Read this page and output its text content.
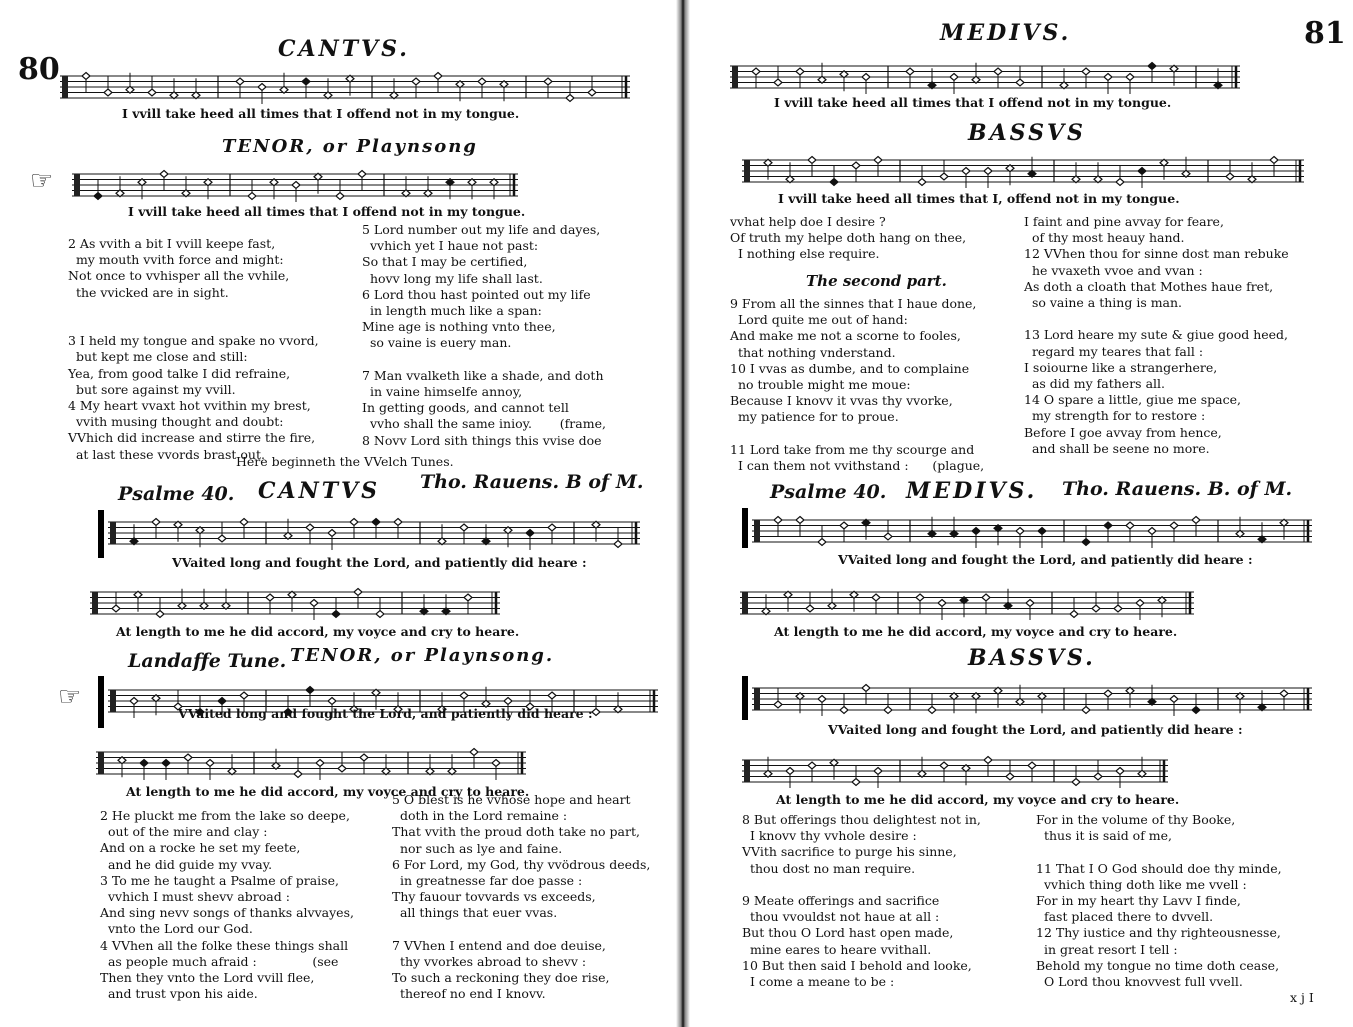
80
CANTVS.
I vvill take heed all times that I offend not in my tongue.
TENOR, or Playnsong
☞
I vvill take heed all times that I offend not in my tongue.
2 As vvith a bit I vvill keepe fast,
my mouth vvith force and might:
Not once to vvhisper all the vvhile,
the vvicked are in sight.

3 I held my tongue and spake no vvord,
but kept me close and still:
Yea, from good talke I did refraine,
but sore against my vvill.
4 My heart vvaxt hot vvithin my brest,
vvith musing thought and doubt:
VVhich did increase and stirre the fire,
at last these vvords brast out.
5 Lord number out my life and dayes,
vvhich yet I haue not past:
So that I may be certified,
hovv long my life shall last.
6 Lord thou hast pointed out my life
in length much like a span:
Mine age is nothing vnto thee,
so vaine is euery man.

7 Man vvalketh like a shade, and doth
in vaine himselfe annoy,
In getting goods, and cannot tell
vvho shall the same inioy.       (frame,
8 Novv Lord sith things this vvise doe
Here beginneth the VVelch Tunes.
Psalme 40. CANTVS Tho. Rauens. B of M.
VVaited long and fought the Lord, and patiently did heare :
At length to me he did accord, my voyce and cry to heare.
Landaffe Tune. TENOR, or Playnsong.
☞
VVaited long and fought the Lord, and patiently did heare :
At length to me he did accord, my voyce and cry to heare.
2 He pluckt me from the lake so deepe,
out of the mire and clay :
And on a rocke he set my feete,
and he did guide my vvay.
3 To me he taught a Psalme of praise,
vvhich I must shevv abroad :
And sing nevv songs of thanks alvvayes,
vnto the Lord our God.
4 VVhen all the folke these things shall
as people much afraid :              (see
Then they vnto the Lord vvill flee,
and trust vpon his aide.
5 O blest is he vvhose hope and heart
doth in the Lord remaine :
That vvith the proud doth take no part,
nor such as lye and faine.
6 For Lord, my God, thy vvödrous deeds,
in greatnesse far doe passe :
Thy fauour tovvards vs exceeds,
all things that euer vvas.

7 VVhen I entend and doe deuise,
thy vvorkes abroad to shevv :
To such a reckoning they doe rise,
thereof no end I knovv.
MEDIVS.	81
I vvill take heed all times that I offend not in my tongue.
BASSVS
I vvill take heed all times that I, offend not in my tongue.
vvhat help doe I desire ?
Of truth my helpe doth hang on thee,
I nothing else require.
The second part.
9 From all the sinnes that I haue done,
Lord quite me out of hand:
And make me not a scorne to fooles,
that nothing vnderstand.
10 I vvas as dumbe, and to complaine
no trouble might me moue:
Because I knovv it vvas thy vvorke,
my patience for to proue.

11 Lord take from me thy scourge and
I can them not vvithstand :      (plague,
I faint and pine avvay for feare,
of thy most heauy hand.
12 VVhen thou for sinne dost man rebuke
he vvaxeth vvoe and vvan :
As doth a cloath that Mothes haue fret,
so vaine a thing is man.

13 Lord heare my sute & giue good heed,
regard my teares that fall :
I soiourne like a strangerhere,
as did my fathers all.
14 O spare a little, giue me space,
my strength for to restore :
Before I goe avvay from hence,
and shall be seene no more.
Psalme 40. MEDIVS. Tho. Rauens. B. of M.
VVaited long and fought the Lord, and patiently did heare :
At length to me he did accord, my voyce and cry to heare.
BASSVS.
VVaited long and fought the Lord, and patiently did heare :
At length to me he did accord, my voyce and cry to heare.
8 But offerings thou delightest not in,
I knovv thy vvhole desire :
VVith sacrifice to purge his sinne,
thou dost no man require.

9 Meate offerings and sacrifice
thou vvouldst not haue at all :
But thou O Lord hast open made,
mine eares to heare vvithall.
10 But then said I behold and looke,
I come a meane to be :
For in the volume of thy Booke,
thus it is said of me,

11 That I O God should doe thy minde,
vvhich thing doth like me vvell :
For in my heart thy Lavv I finde,
fast placed there to dvvell.
12 Thy iustice and thy righteousnesse,
in great resort I tell :
Behold my tongue no time doth cease,
O Lord thou knovvest full vvell.
x j I
